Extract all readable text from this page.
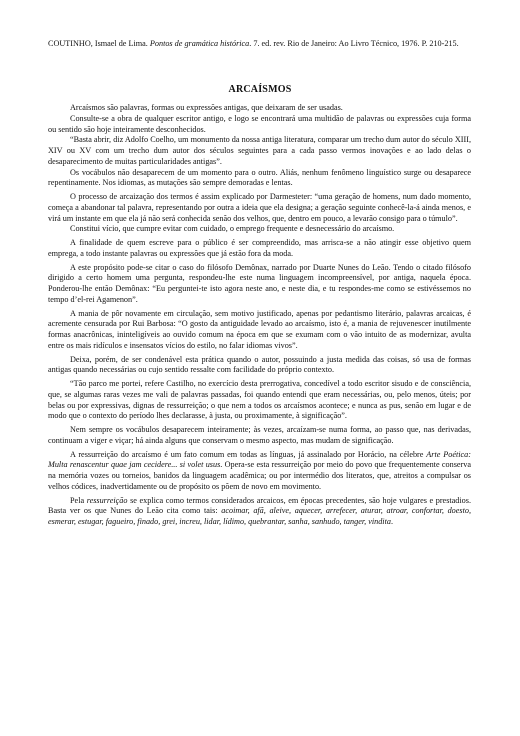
COUTINHO, Ismael de Lima. Pontos de gramática histórica. 7. ed. rev. Rio de Janeiro: Ao Livro Técnico, 1976. P. 210-215.
ARCAÍSMOS

Arcaísmos são palavras, formas ou expressões antigas, que deixaram de ser usadas.

Consulte-se a obra de qualquer escritor antigo, e logo se encontrará uma multidão de palavras ou expressões cuja forma ou sentido são hoje inteiramente desconhecidos.

“Basta abrir, diz Adolfo Coelho, um monumento da nossa antiga literatura, comparar um trecho dum autor do século XIII, XIV ou XV com um trecho dum autor dos séculos seguintes para a cada passo vermos inovações e ao lado delas o desaparecimento de muitas particularidades antigas”.

Os vocábulos não desaparecem de um momento para o outro. Aliás, nenhum fenômeno linguístico surge ou desaparece repentinamente. Nos idiomas, as mutações são sempre demoradas e lentas.

O processo de arcaização dos termos é assim explicado por Darmesteter: “uma geração de homens, num dado momento, começa a abandonar tal palavra, representando por outra a ideia que ela designa; a geração seguinte conhecê-la-á ainda menos, e virá um instante em que ela já não será conhecida senão dos velhos, que, dentro em pouco, a levarão consigo para o túmulo”.

Constitui vício, que cumpre evitar com cuidado, o emprego frequente e desnecessário do arcaísmo.

A finalidade de quem escreve para o público é ser compreendido, mas arrisca-se a não atingir esse objetivo quem emprega, a todo instante palavras ou expressões que já estão fora da moda.

A este propósito pode-se citar o caso do filósofo Demônax, narrado por Duarte Nunes do Leão. Tendo o citado filósofo dirigido a certo homem uma pergunta, respondeu-lhe este numa linguagem incompreensível, por antiga, naquela época. Ponderou-lhe então Demônax: “Eu perguntei-te isto agora neste ano, e neste dia, e tu respondes-me como se estivéssemos no tempo d’el-rei Agamenon”.

A mania de pôr novamente em circulação, sem motivo justificado, apenas por pedantismo literário, palavras arcaicas, é acremente censurada por Rui Barbosa: “O gosto da antiguidade levado ao arcaísmo, isto é, a mania de rejuvenescer inutilmente formas anacrônicas, ininteligíveis ao ouvido comum na época em que se exumam com o vão intuito de as modernizar, avulta entre os mais ridículos e insensatos vícios do estilo, no falar idiomas vivos”.

Deixa, porém, de ser condenável esta prática quando o autor, possuindo a justa medida das coisas, só usa de formas antigas quando necessárias ou cujo sentido ressalte com facilidade do próprio contexto.

“Tão parco me portei, refere Castilho, no exercício desta prerrogativa, concedível a todo escritor sisudo e de consciência, que, se algumas raras vezes me vali de palavras passadas, foi quando entendi que eram necessárias, ou, pelo menos, úteis; por belas ou por expressivas, dignas de ressurreição; o que nem a todos os arcaísmos acontece; e nunca as pus, senão em lugar e de modo que o contexto do período lhes declarasse, à justa, ou proximamente, à significação”.

Nem sempre os vocábulos desaparecem inteiramente; às vezes, arcaízam-se numa forma, ao passo que, nas derivadas, continuam a viger e viçar; há ainda alguns que conservam o mesmo aspecto, mas mudam de significação.

A ressurreição do arcaísmo é um fato comum em todas as línguas, já assinalado por Horácio, na célebre Arte Poética: Multa renascentur quae jam cecidere... si volet usus. Opera-se esta ressurreição por meio do povo que frequentemente conserva na memória vozes ou torneios, banidos da linguagem acadêmica; ou por intermédio dos literatos, que, atreitos a compulsar os velhos códices, inadvertidamente ou de propósito os põem de novo em movimento.

Pela ressurreição se explica como termos considerados arcaicos, em épocas precedentes, são hoje vulgares e prestadios. Basta ver os que Nunes do Leão cita como tais: acoimar, afã, aleive, aquecer, arrefecer, aturar, atroar, confortar, doesto, esmerar, estugar, fagueiro, finado, grei, increu, lidar, lídimo, quebrantar, sanha, sanhudo, tanger, vindita.
